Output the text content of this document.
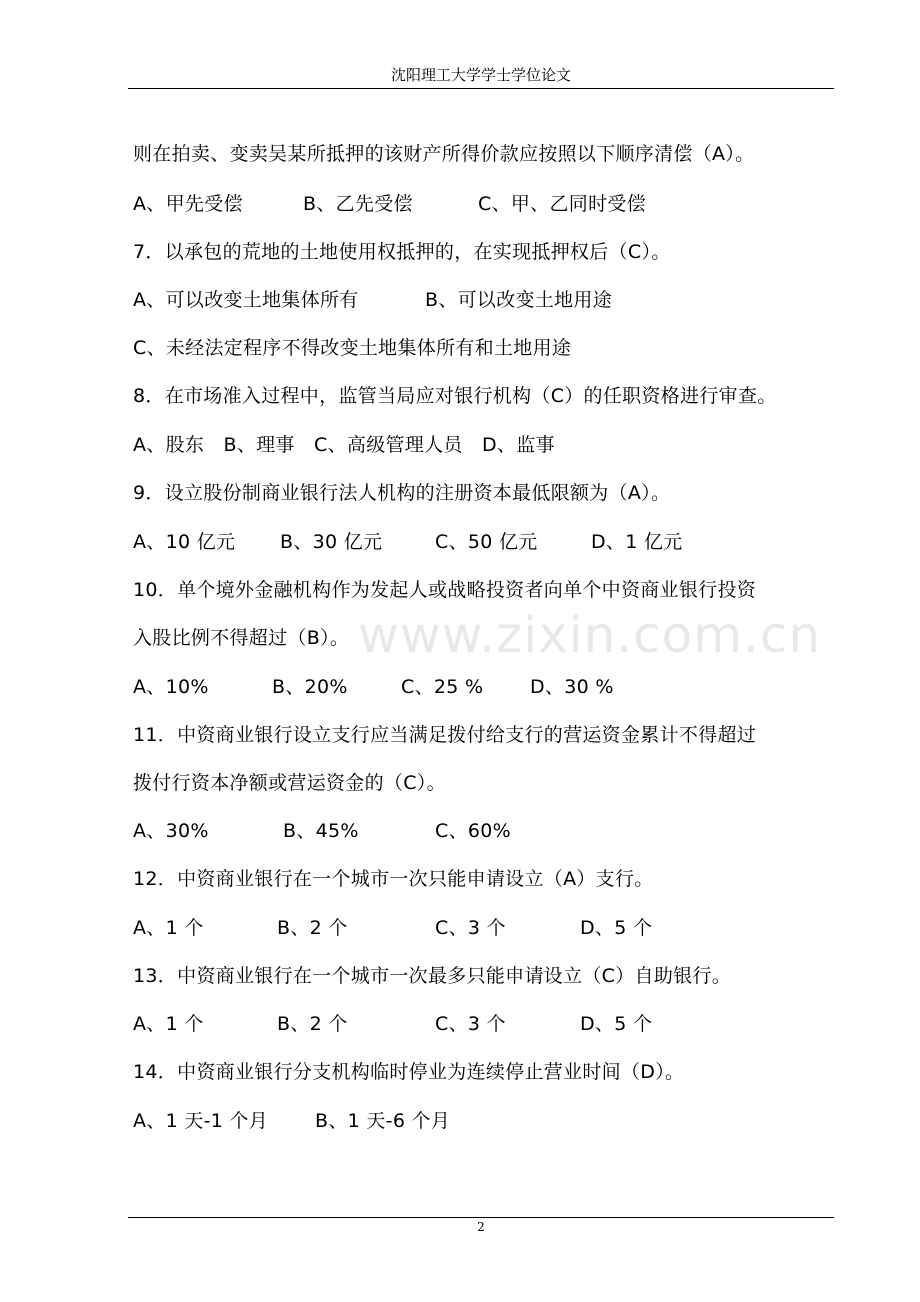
沈阳理工大学学士学位论文
www.zixin.com.cn
则在拍卖、变卖吴某所抵押的该财产所得价款应按照以下顺序清偿（A）。

A、甲先受偿

	B、乙先受偿

	C、甲、乙同时受偿

7．以承包的荒地的土地使用权抵押的，在实现抵押权后（C）。

A、可以改变土地集体所有

	B、可以改变土地用途

C、未经法定程序不得改变土地集体所有和土地用途
8．在市场准入过程中，监管当局应对银行机构（C）的任职资格进行审查。
A、股东　B、理事　C、高级管理人员　D、监事
9．设立股份制商业银行法人机构的注册资本最低限额为（A）。

A、10 亿元

B、30 亿元

	C、50 亿元

	D、1 亿元

10．单个境外金融机构作为发起人或战略投资者向单个中资商业银行投资
入股比例不得超过（B）。

A、10%

	B、20%

	C、25 %

D、30 %

11．中资商业银行设立支行应当满足拨付给支行的营运资金累计不得超过
拨付行资本净额或营运资金的（C）。

A、30%

	B、45%

	C、60%

12．中资商业银行在一个城市一次只能申请设立（A）支行。

A、1 个

	B、2 个

	C、3 个

	D、5 个

13．中资商业银行在一个城市一次最多只能申请设立（C）自助银行。

A、1 个

	B、2 个

	C、3 个

	D、5 个

14．中资商业银行分支机构临时停业为连续停止营业时间（D）。

A、1 天-1 个月

B、1 天-6 个月

2
